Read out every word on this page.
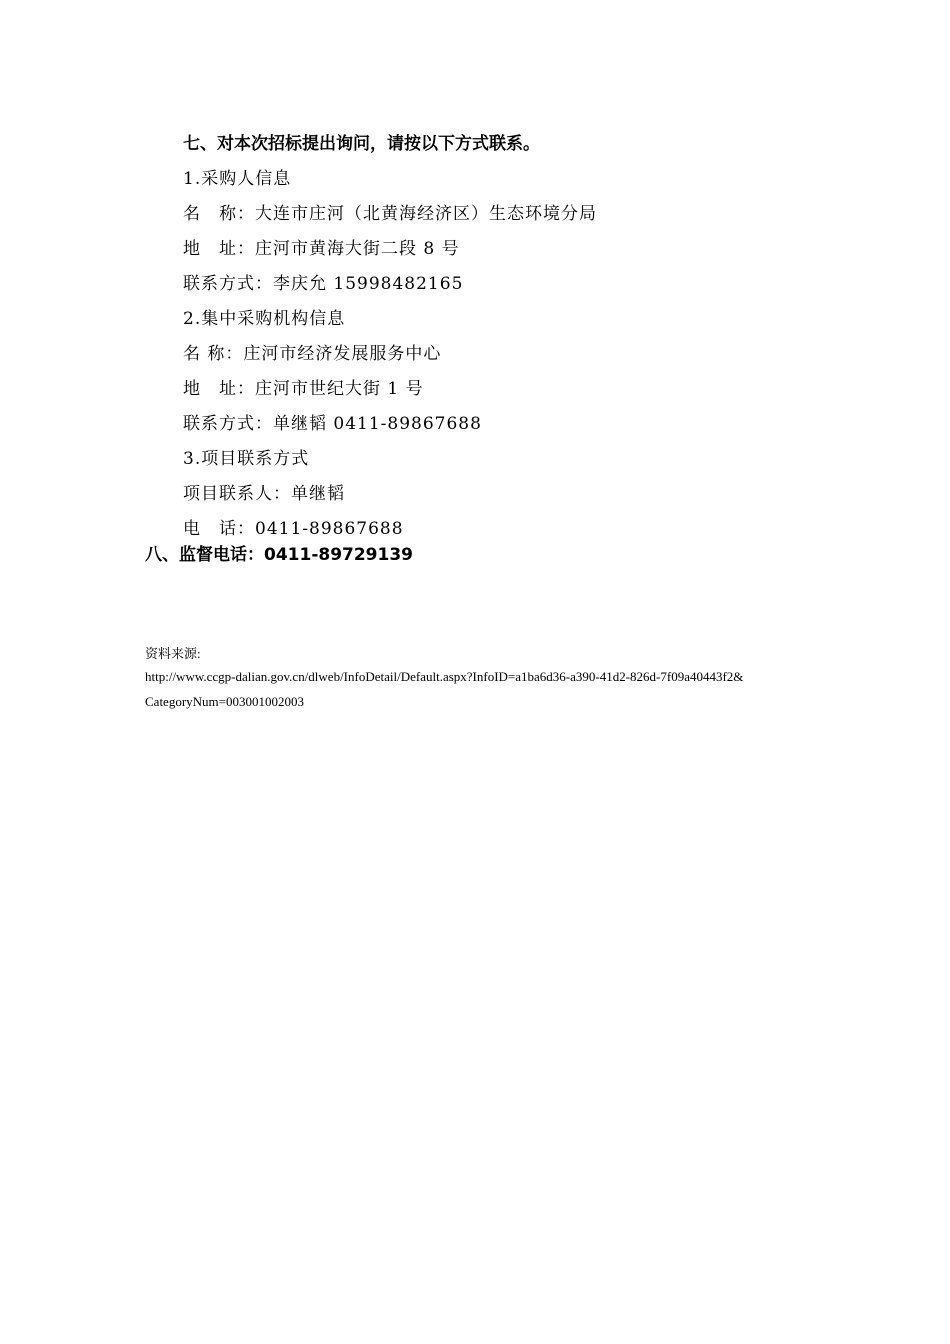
七、对本次招标提出询问，请按以下方式联系。
1.采购人信息
名　称：大连市庄河（北黄海经济区）生态环境分局
地　址：庄河市黄海大街二段 8 号
联系方式：李庆允 15998482165
2.集中采购机构信息
名 称：庄河市经济发展服务中心
地　址：庄河市世纪大街 1 号
联系方式：单继韬 0411-89867688
3.项目联系方式
项目联系人：单继韬
电　话：0411-89867688
八、监督电话：0411-89729139
资料来源:
http://www.ccgp-dalian.gov.cn/dlweb/InfoDetail/Default.aspx?InfoID=a1ba6d36-a390-41d2-826d-7f09a40443f2&
CategoryNum=003001002003
